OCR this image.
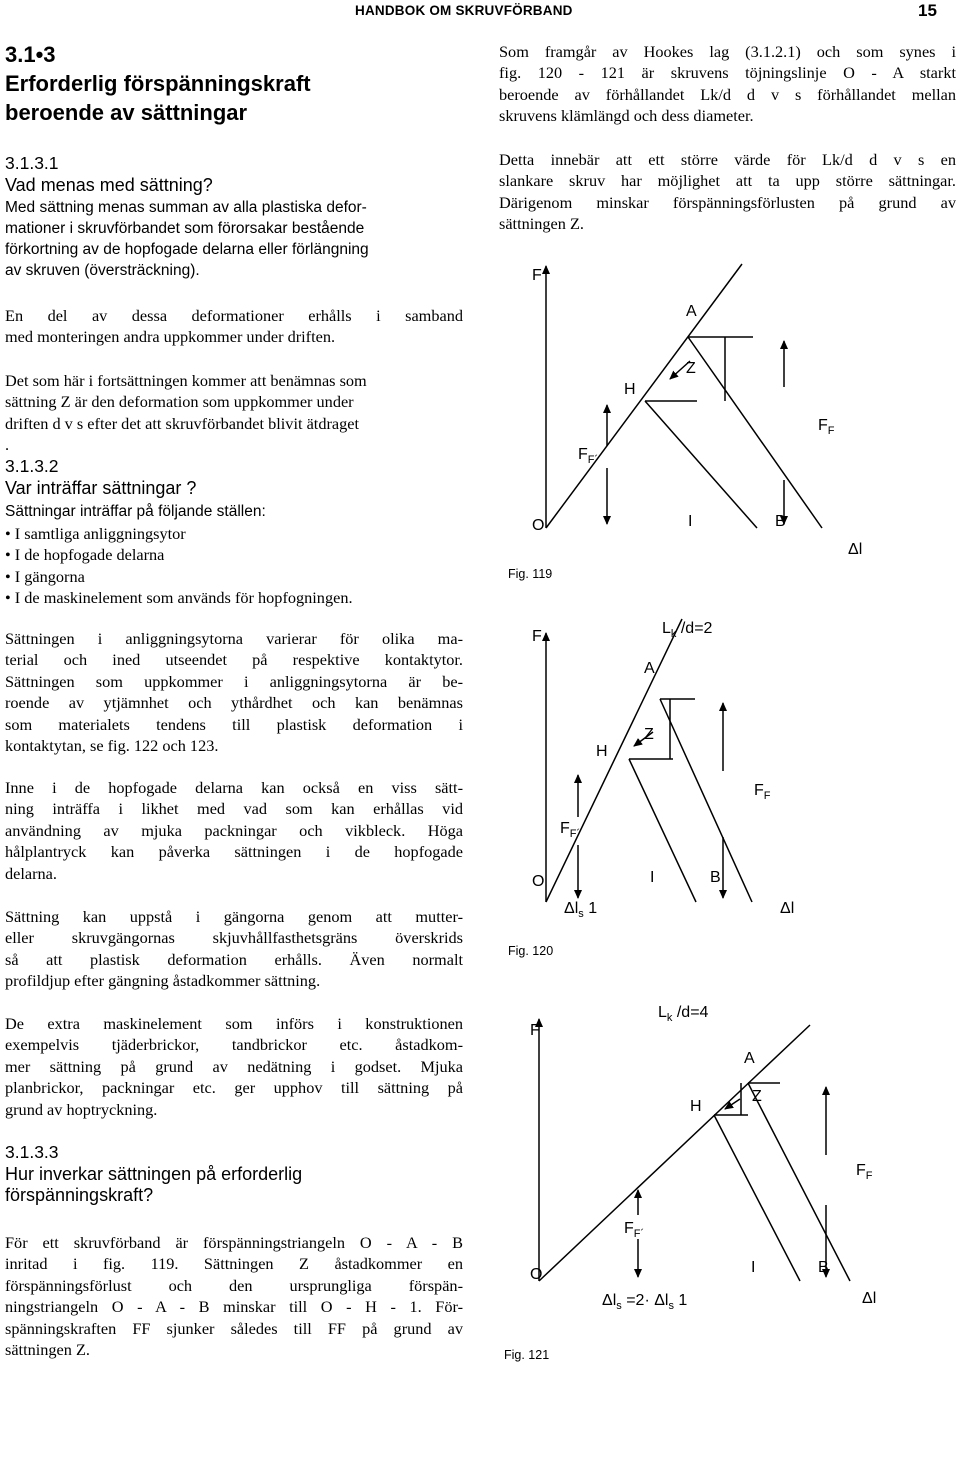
HANDBOK OM SKRUVFÖRBAND	15
3.1•3
Erforderlig förspänningskraft
beroende av sättningar
3.1.3.1
Vad menas med sättning?
Med sättning menas summan av alla plastiska defor-
mationer i skruvförbandet som förorsakar bestående
förkortning av de hopfogade delarna eller förlängning
av skruven (översträckning).
En del av dessa deformationer erhålls i samband
med monteringen andra uppkommer under driften.
Det som här i fortsättningen kommer att benämnas som
sättning Z är den deformation som uppkommer under
driften d v s efter det att skruvförbandet blivit ätdraget
.
3.1.3.2
Var inträffar sättningar ?
Sättningar inträffar på följande ställen:
• I samtliga anliggningsytor
• I de hopfogade delarna
• I gängorna
• I de maskinelement som används för hopfogningen.
Sättningen i anliggningsytorna varierar för olika ma-
terial och ined utseendet på respektive kontaktytor.
Sättningen som uppkommer i anliggningsytorna är be-
roende av ytjämnhet och ythårdhet och kan benämnas
som materialets tendens till plastisk deformation i
kontaktytan, se fig. 122 och 123.
Inne i de hopfogade delarna kan också en viss sätt-
ning inträffa i likhet med vad som kan erhållas vid
användning av mjuka packningar och vikbleck. Höga
hålplantryck kan påverka sättningen i de hopfogade
delarna.
Sättning kan uppstå i gängorna genom att mutter-
eller skruvgängornas skjuvhållfasthetsgräns överskrids
så att plastisk deformation erhålls. Även normalt
profildjup efter gängning åstadkommer sättning.
De extra maskinelement som införs i konstruktionen
exempelvis tjäderbrickor, tandbrickor etc. åstadkom-
mer sättning på grund av nedätning i godset. Mjuka
planbrickor, packningar etc. ger upphov till sättning på
grund av hoptryckning.
3.1.3.3
Hur inverkar sättningen på erforderlig
förspänningskraft?
För ett skruvförband är förspänningstriangeln O - A - B
inritad i fig. 119. Sättningen Z åstadkommer en
förspänningsförlust och den ursprungliga förspän-
ningstriangeln O - A - B minskar till O - H - 1. För-
spänningskraften FF sjunker således till FF på grund av
sättningen Z.
Som framgår av Hookes lag (3.1.2.1) och som synes i
fig. 120 - 121 är skruvens töjningslinje O - A starkt
beroende av förhållandet Lk/d d v s förhållandet mellan
skruvens klämlängd och dess diameter.
Detta innebär att ett större värde för Lk/d d v s en
slankare skruv har möjlighet att ta upp större sättningar.
Därigenom minskar förspänningsförlusten på grund av
sättningen Z.
F
A
Z
H
$F_F$
$F_{F´}$
O	I	B
Δl
Fig. 119
F	$L_k$ /d=2
A
Z
H
$F_F$
$F_{F´}$
O	I	B
$\Delta l_s$ 1	Δl
Fig. 120
F
$L_k$ /d=4
A
Z
H
$F_F$
$F_{F´}$
O	I	B
$\Delta l_s =2\cdot \Delta l_s$ 1	Δl
Fig. 121
